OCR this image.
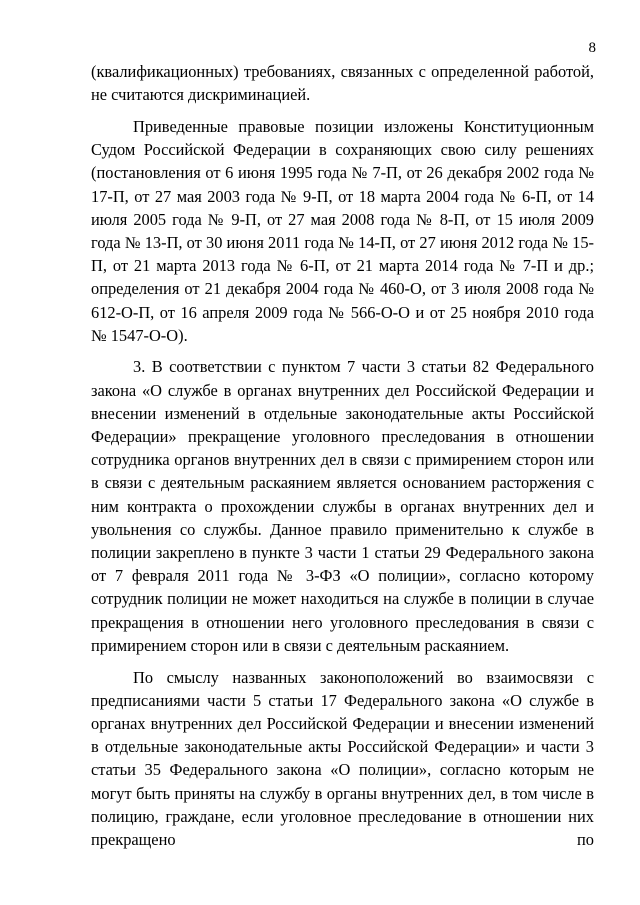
8

(квалификационных) требованиях, связанных с определенной работой, не считаются дискриминацией.

Приведенные правовые позиции изложены Конституционным Судом Российской Федерации в сохраняющих свою силу решениях (постановления от 6 июня 1995 года № 7-П, от 26 декабря 2002 года № 17-П, от 27 мая 2003 года № 9-П, от 18 марта 2004 года № 6-П, от 14 июля 2005 года № 9-П, от 27 мая 2008 года № 8-П, от 15 июля 2009 года № 13-П, от 30 июня 2011 года № 14-П, от 27 июня 2012 года № 15-П, от 21 марта 2013 года № 6-П, от 21 марта 2014 года № 7-П и др.; определения от 21 декабря 2004 года № 460-О, от 3 июля 2008 года № 612-О-П, от 16 апреля 2009 года № 566-О-О и от 25 ноября 2010 года № 1547-О-О).

3. В соответствии с пунктом 7 части 3 статьи 82 Федерального закона «О службе в органах внутренних дел Российской Федерации и внесении изменений в отдельные законодательные акты Российской Федерации» прекращение уголовного преследования в отношении сотрудника органов внутренних дел в связи с примирением сторон или в связи с деятельным раскаянием является основанием расторжения с ним контракта о прохождении службы в органах внутренних дел и увольнения со службы. Данное правило применительно к службе в полиции закреплено в пункте 3 части 1 статьи 29 Федерального закона от 7 февраля 2011 года № 3-ФЗ «О полиции», согласно которому сотрудник полиции не может находиться на службе в полиции в случае прекращения в отношении него уголовного преследования в связи с примирением сторон или в связи с деятельным раскаянием.

По смыслу названных законоположений во взаимосвязи с предписаниями части 5 статьи 17 Федерального закона «О службе в органах внутренних дел Российской Федерации и внесении изменений в отдельные законодательные акты Российской Федерации» и части 3 статьи 35 Федерального закона «О полиции», согласно которым не могут быть приняты на службу в органы внутренних дел, в том числе в полицию, граждане, если уголовное преследование в отношении них прекращено по
